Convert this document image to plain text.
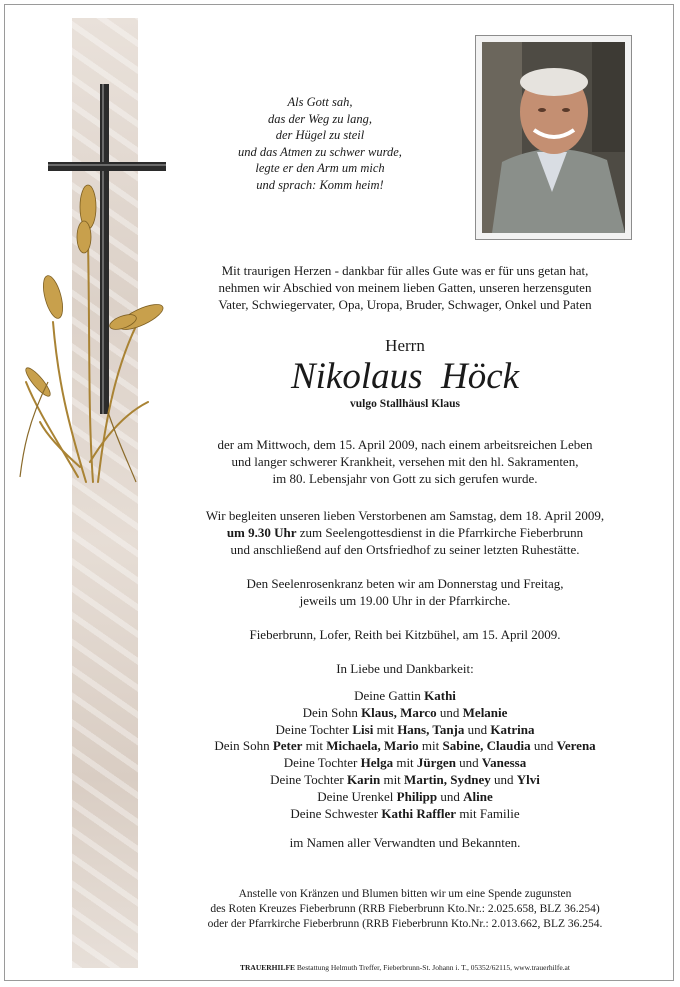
Als Gott sah,
das der Weg zu lang,
der Hügel zu steil
und das Atmen zu schwer wurde,
legte er den Arm um mich
und sprach: Komm heim!
Mit traurigen Herzen - dankbar für alles Gute was er für uns getan hat,
nehmen wir Abschied von meinem lieben Gatten, unseren herzensguten
Vater, Schwiegervater, Opa, Uropa, Bruder, Schwager, Onkel und Paten
Herrn
Nikolaus  Höck
vulgo Stallhäusl Klaus
der am Mittwoch, dem 15. April 2009, nach einem arbeitsreichen Leben
und langer schwerer Krankheit, versehen mit den hl. Sakramenten,
im 80. Lebensjahr von Gott zu sich gerufen wurde.
Wir begleiten unseren lieben Verstorbenen am Samstag, dem 18. April 2009,
um 9.30 Uhr zum Seelengottesdienst in die Pfarrkirche Fieberbrunn
und anschließend auf den Ortsfriedhof zu seiner letzten Ruhestätte.
Den Seelenrosenkranz beten wir am Donnerstag und Freitag,
jeweils um 19.00 Uhr in der Pfarrkirche.
Fieberbrunn, Lofer, Reith bei Kitzbühel, am 15. April 2009.
In Liebe und Dankbarkeit:
Deine Gattin Kathi
Dein Sohn Klaus, Marco und Melanie
Deine Tochter Lisi mit Hans, Tanja und Katrina
Dein Sohn Peter mit Michaela, Mario mit Sabine, Claudia und Verena
Deine Tochter Helga mit Jürgen und Vanessa
Deine Tochter Karin mit Martin, Sydney und Ylvi
Deine Urenkel Philipp und Aline
Deine Schwester Kathi Raffler mit Familie
im Namen aller Verwandten und Bekannten.
Anstelle von Kränzen und Blumen bitten wir um eine Spende zugunsten
des Roten Kreuzes Fieberbrunn (RRB Fieberbrunn Kto.Nr.: 2.025.658, BLZ 36.254)
oder der Pfarrkirche Fieberbrunn (RRB Fieberbrunn Kto.Nr.: 2.013.662, BLZ 36.254.
TRAUERHILFE Bestattung Helmuth Treffer, Fieberbrunn-St. Johann i. T., 05352/62115, www.trauerhilfe.at
